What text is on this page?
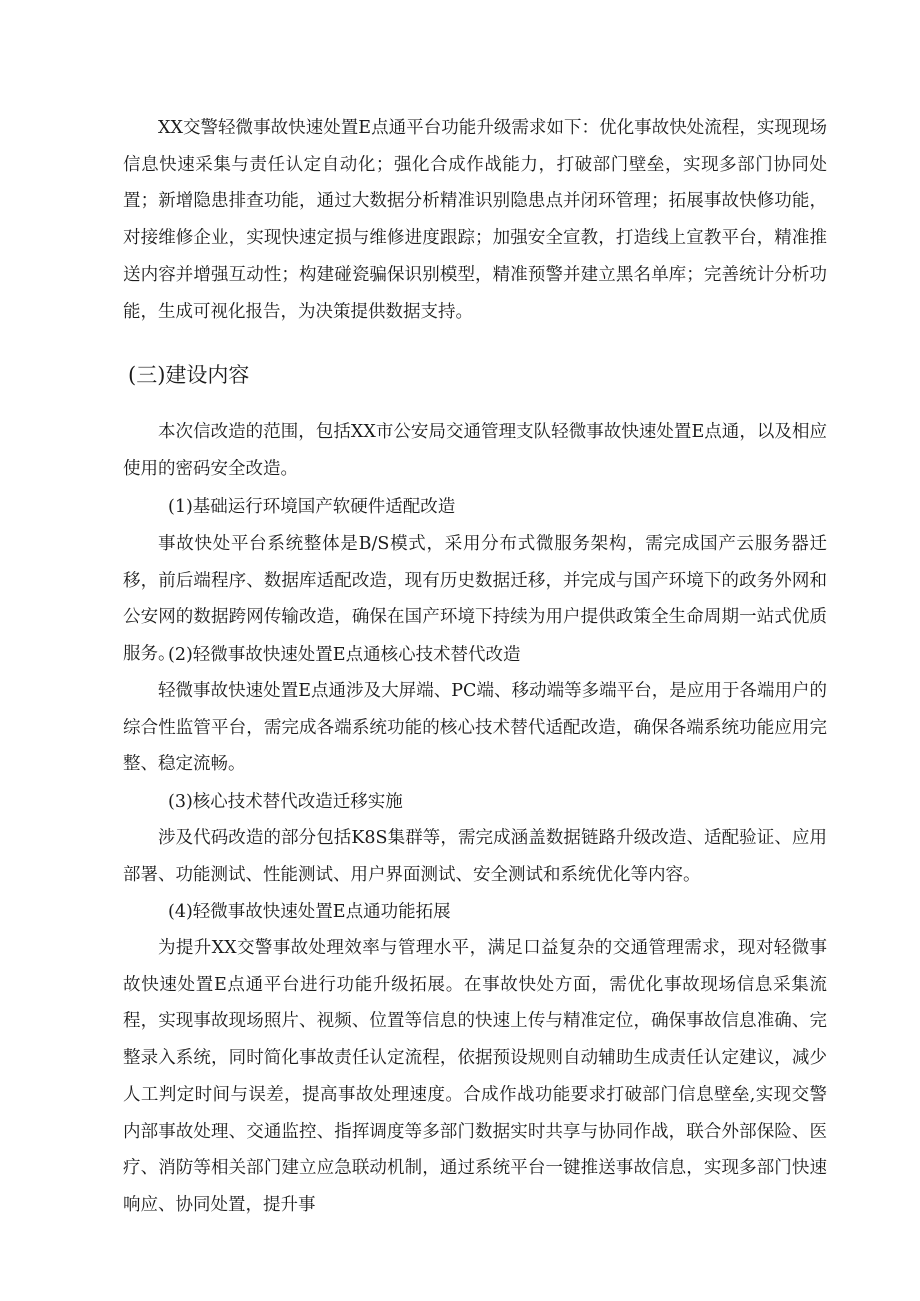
XX交警轻微事故快速处置E点通平台功能升级需求如下：优化事故快处流程，实现现场信息快速采集与责任认定自动化；强化合成作战能力，打破部门壁垒，实现多部门协同处置；新增隐患排查功能，通过大数据分析精准识别隐患点并闭环管理；拓展事故快修功能，对接维修企业，实现快速定损与维修进度跟踪；加强安全宣教，打造线上宣教平台，精准推送内容并增强互动性；构建碰瓷骗保识别模型，精准预警并建立黑名单库；完善统计分析功能，生成可视化报告，为决策提供数据支持。

(三)建设内容

本次信改造的范围，包括XX市公安局交通管理支队轻微事故快速处置E点通，以及相应使用的密码安全改造。

(1)基础运行环境国产软硬件适配改造

事故快处平台系统整体是B/S模式，采用分布式微服务架构，需完成国产云服务器迁移，前后端程序、数据库适配改造，现有历史数据迁移，并完成与国产环境下的政务外网和公安网的数据跨网传输改造，确保在国产环境下持续为用户提供政策全生命周期一站式优质服务。

(2)轻微事故快速处置E点通核心技术替代改造

轻微事故快速处置E点通涉及大屏端、PC端、移动端等多端平台，是应用于各端用户的综合性监管平台，需完成各端系统功能的核心技术替代适配改造，确保各端系统功能应用完整、稳定流畅。

(3)核心技术替代改造迁移实施

涉及代码改造的部分包括K8S集群等，需完成涵盖数据链路升级改造、适配验证、应用部署、功能测试、性能测试、用户界面测试、安全测试和系统优化等内容。

(4)轻微事故快速处置E点通功能拓展

为提升XX交警事故处理效率与管理水平，满足口益复杂的交通管理需求，现对轻微事故快速处置E点通平台进行功能升级拓展。在事故快处方面，需优化事故现场信息采集流程，实现事故现场照片、视频、位置等信息的快速上传与精准定位，确保事故信息准确、完整录入系统，同时简化事故责任认定流程，依据预设规则自动辅助生成责任认定建议，减少人工判定时间与误差，提高事故处理速度。合成作战功能要求打破部门信息壁垒,实现交警内部事故处理、交通监控、指挥调度等多部门数据实时共享与协同作战，联合外部保险、医疗、消防等相关部门建立应急联动机制，通过系统平台一键推送事故信息，实现多部门快速响应、协同处置，提升事
